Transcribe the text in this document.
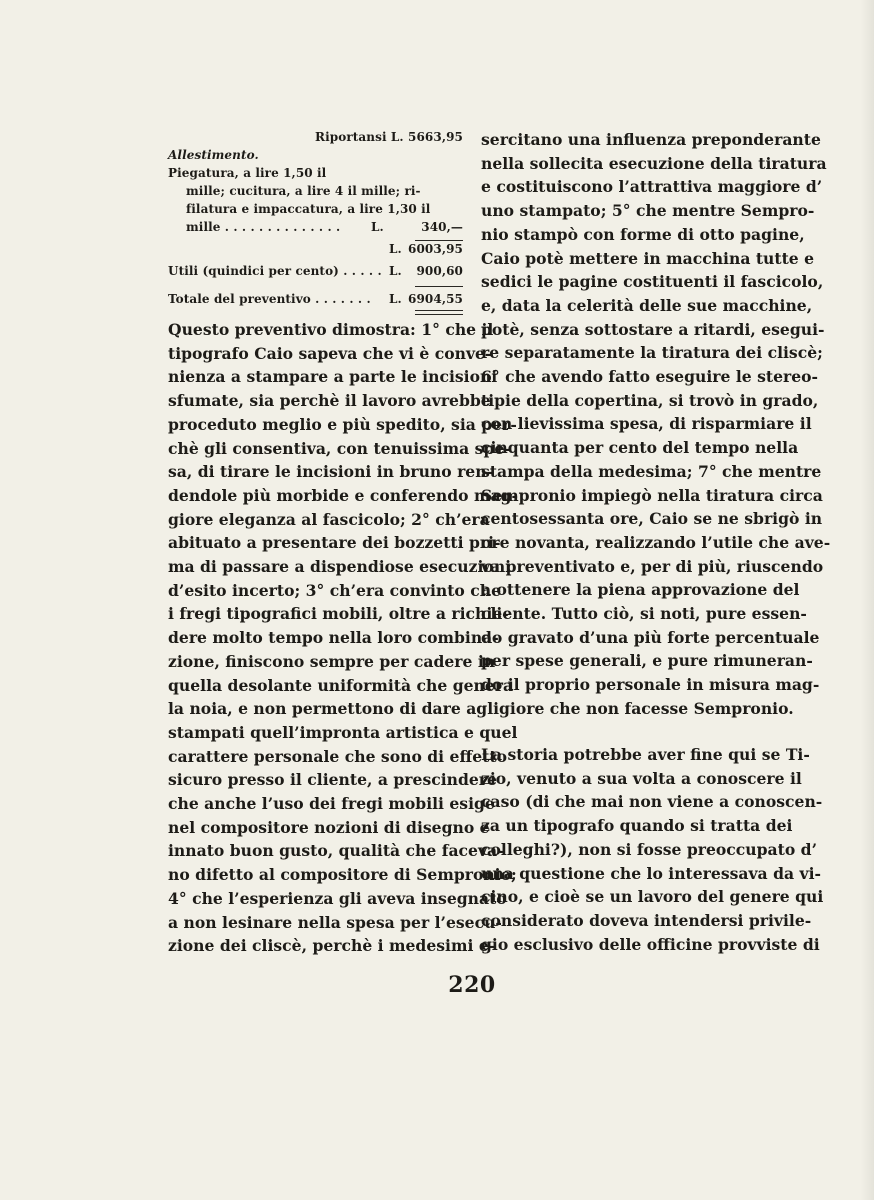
Riportansi L. 5663,95
Allestimento.
Piegatura, a lire 1,50 il
mille; cucitura, a lire 4 il mille; ri-
filatura e impaccatura, a lire 1,30 il
mille . . . . . . . . . . . . . .	L.	340,—
L. 6003,95
Utili (quindici per cento) . . . . . L. 900,60
Totale del preventivo . . . . . . . L. 6904,55
Questo preventivo dimostra: 1° che il
tipografo Caio sapeva che vi è conve-
nienza a stampare a parte le incisioni
sfumate, sia perchè il lavoro avrebbe
proceduto meglio e più spedito, sia per-
chè gli consentiva, con tenuissima spe-
sa, di tirare le incisioni in bruno ren-
dendole più morbide e conferendo mag-
giore eleganza al fascicolo; 2° ch’era
abituato a presentare dei bozzetti pri-
ma di passare a dispendiose esecuzioni
d’esito incerto; 3° ch’era convinto che
i fregi tipografici mobili, oltre a richie-
dere molto tempo nella loro combina-
zione, finiscono sempre per cadere in
quella desolante uniformità che genera
la noia, e non permettono di dare agli
stampati quell’impronta artistica e quel
carattere personale che sono di effetto
sicuro presso il cliente, a prescindere
che anche l’uso dei fregi mobili esige
nel compositore nozioni di disegno e
innato buon gusto, qualità che faceva-
no difetto al compositore di Sempronio;
4° che l’esperienza gli aveva insegnato
a non lesinare nella spesa per l’esecu-
zione dei cliscè, perchè i medesimi e-
sercitano una influenza preponderante
nella sollecita esecuzione della tiratura
e costituiscono l’attrattiva maggiore d’
uno stampato; 5° che mentre Sempro-
nio stampò con forme di otto pagine,
Caio potè mettere in macchina tutte e
sedici le pagine costituenti il fascicolo,
e, data la celerità delle sue macchine,
potè, senza sottostare a ritardi, esegui-
re separatamente la tiratura dei cliscè;
6° che avendo fatto eseguire le stereo-
tipie della copertina, si trovò in grado,
con lievissima spesa, di risparmiare il
cinquanta per cento del tempo nella
stampa della medesima; 7° che mentre
Sempronio impiegò nella tiratura circa
centosessanta ore, Caio se ne sbrigò in
ore novanta, realizzando l’utile che ave-
va preventivato e, per di più, riuscendo
a ottenere la piena approvazione del
cliente. Tutto ciò, si noti, pure essen-
do gravato d’una più forte percentuale
per spese generali, e pure rimuneran-
do il proprio personale in misura mag-
giore che non facesse Sempronio.
La storia potrebbe aver fine qui se Ti-
zio, venuto a sua volta a conoscere il
caso (di che mai non viene a conoscen-
za un tipografo quando si tratta dei
colleghi?), non si fosse preoccupato d’
una questione che lo interessava da vi-
cino, e cioè se un lavoro del genere qui
considerato doveva intendersi privile-
gio esclusivo delle officine provviste di
220
